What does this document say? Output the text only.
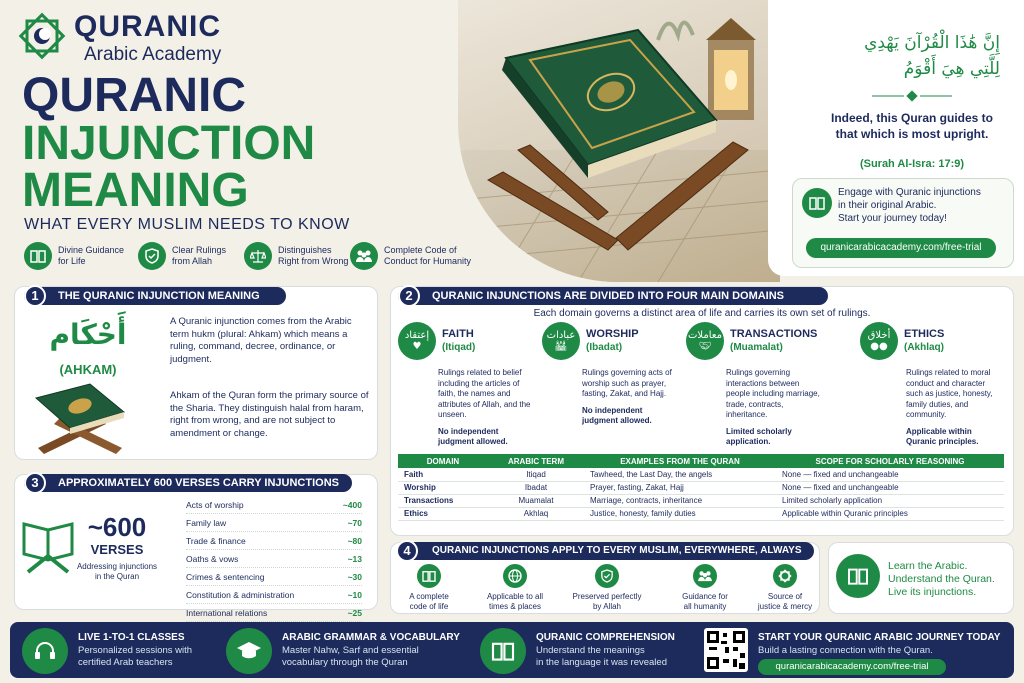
QURANIC
Arabic Academy
QURANIC
INJUNCTION
MEANING
WHAT EVERY MUSLIM NEEDS TO KNOW
Divine Guidance
for Life
Clear Rulings
from Allah
Distinguishes
Right from Wrong
Complete Code of
Conduct for Humanity
إِنَّ هَٰذَا الْقُرْآنَ يَهْدِي
لِلَّتِي هِيَ أَقْوَمُ
Indeed, this Quran guides to that which is most upright.
(Surah Al-Isra: 17:9)
Engage with Quranic injunctions
in their original Arabic.
Start your journey today!
quranicarabicacademy.com/free-trial
THE QURANIC INJUNCTION MEANING
1
أَحْكَام
(AHKAM)
A Quranic injunction comes from the Arabic term hukm (plural: Ahkam) which means a ruling, command, decree, ordinance, or judgment.
Ahkam of the Quran form the primary source of the Sharia. They distinguish halal from haram, right from wrong, and are not subject to amendment or change.
APPROXIMATELY 600 VERSES CARRY INJUNCTIONS
3
~600
VERSES
Addressing injunctions
in the Quran
Acts of worship	~400
Family law	~70
Trade & finance	~80
Oaths & vows	~13
Crimes & sentencing	~30
Constitution & administration	~10
International relations	~25
QURANIC INJUNCTIONS ARE DIVIDED INTO FOUR MAIN DOMAINS
2
Each domain governs a distinct area of life and carries its own set of rulings.
إعتقاد
♥
FAITH
(Itiqad)
Rulings related to belief including the articles of faith, the names and attributes of Allah, and the unseen.
No independent judgment allowed.
عبادات
🕌︎
WORSHIP
(Ibadat)
Rulings governing acts of worship such as prayer, fasting, Zakat, and Hajj.
No independent judgment allowed.
معاملات
🤝︎
TRANSACTIONS
(Muamalat)
Rulings governing interactions between people including marriage, trade, contracts, inheritance.
Limited scholarly application.
أخلاق
●●
ETHICS
(Akhlaq)
Rulings related to moral conduct and character such as justice, honesty, family duties, and community.
Applicable within Quranic principles.
DOMAIN	ARABIC TERM	EXAMPLES FROM THE QURAN	SCOPE FOR SCHOLARLY REASONING
Faith	Itiqad	Tawheed, the Last Day, the angels	None — fixed and unchangeable
Worship	Ibadat	Prayer, fasting, Zakat, Hajj	None — fixed and unchangeable
Transactions	Muamalat	Marriage, contracts, inheritance	Limited scholarly application
Ethics	Akhlaq	Justice, honesty, family duties	Applicable within Quranic principles
QURANIC INJUNCTIONS APPLY TO EVERY MUSLIM, EVERYWHERE, ALWAYS
4
A complete
code of life
Applicable to all
times & places
Preserved perfectly
by Allah
Guidance for
all humanity
Source of
justice & mercy
Learn the Arabic.
Understand the Quran.
Live its injunctions.
LIVE 1-TO-1 CLASSES
Personalized sessions with
certified Arab teachers
ARABIC GRAMMAR & VOCABULARY
Master Nahw, Sarf and essential
vocabulary through the Quran
QURANIC COMPREHENSION
Understand the meanings
in the language it was revealed
START YOUR QURANIC ARABIC JOURNEY TODAY
Build a lasting connection with the Quran.
quranicarabicacademy.com/free-trial
